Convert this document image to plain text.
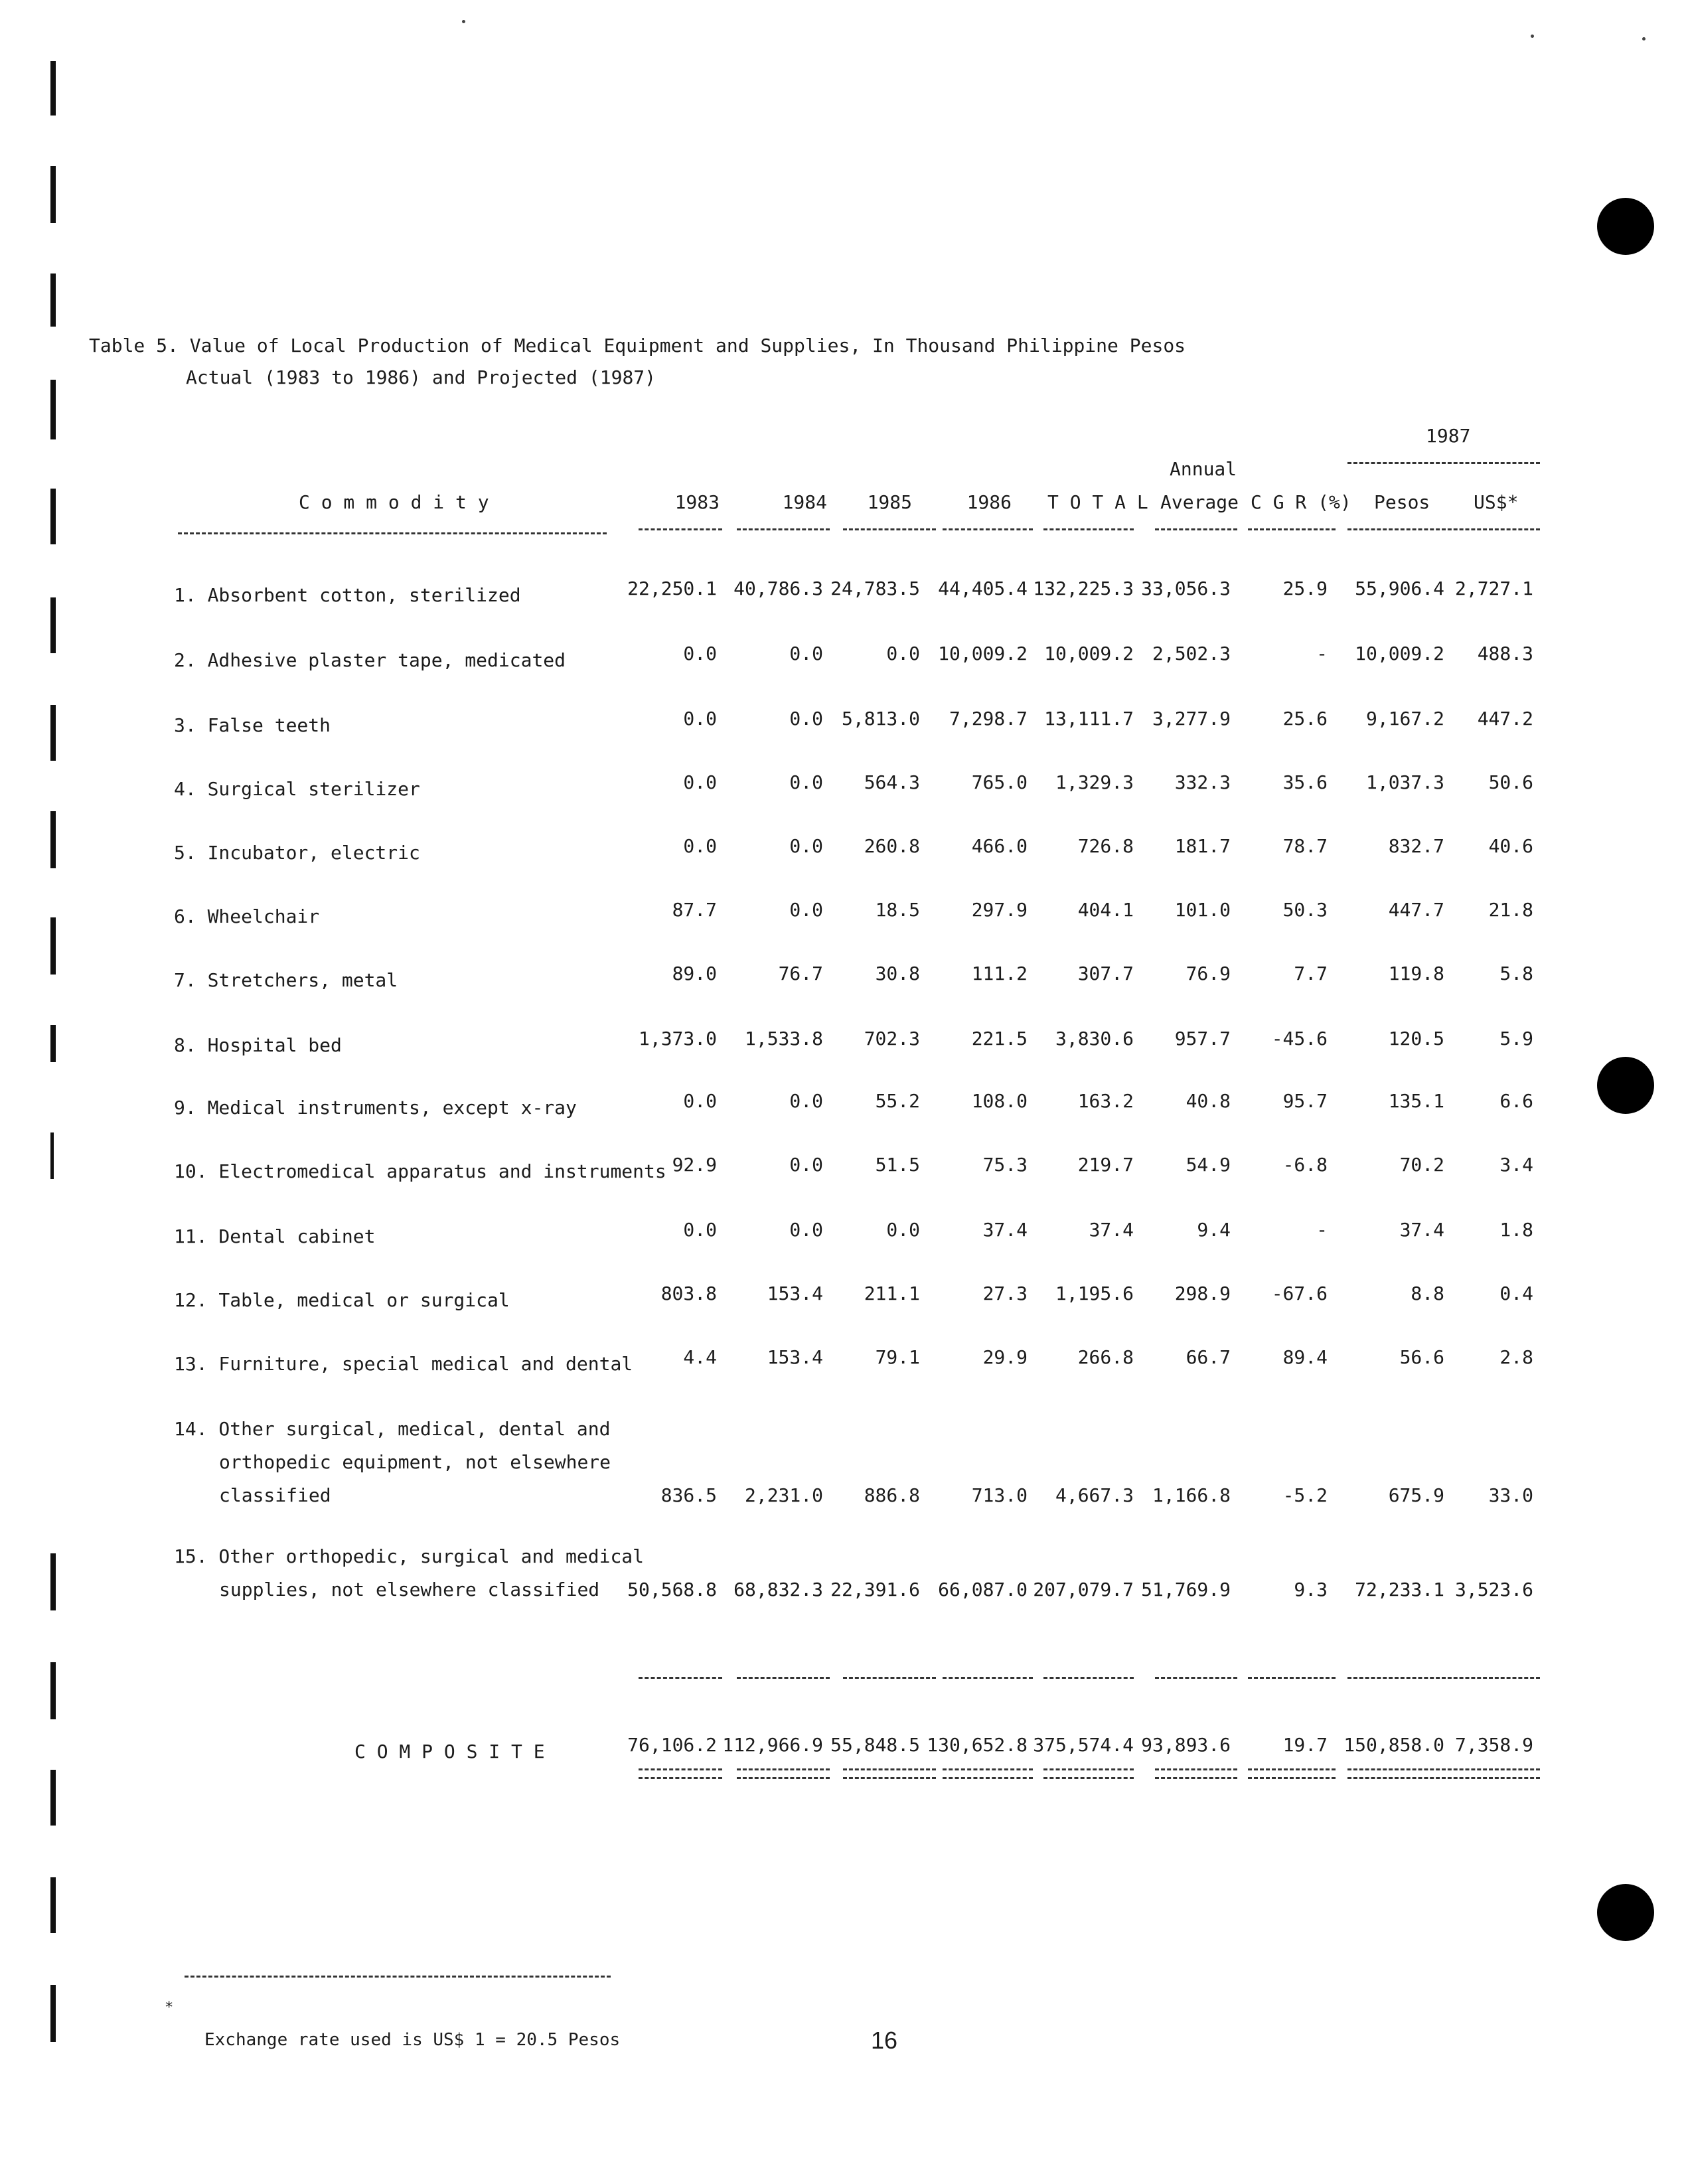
Table 5. Value of Local Production of Medical Equipment and Supplies, In Thousand Philippine Pesos
Actual (1983 to 1986) and Projected (1987)
1987
Annual
C o m m o d i t y	1983	1984	1985	1986 T O T A L Average C G R (%) Pesos US$*
1. Absorbent cotton, sterilized	22,250.1 40,786.3 24,783.5 44,405.4 132,225.3 33,056.3	25.9	55,906.4 2,727.1
2. Adhesive plaster tape, medicated	0.0	0.0	0.0 10,009.2 10,009.2 2,502.3	-	10,009.2	488.3
3. False teeth	0.0	0.0 5,813.0	7,298.7 13,111.7 3,277.9	25.6	9,167.2	447.2
4. Surgical sterilizer	0.0	0.0	564.3	765.0	1,329.3	332.3	35.6	1,037.3	50.6
5. Incubator, electric	0.0	0.0	260.8	466.0	726.8	181.7	78.7	832.7	40.6
6. Wheelchair	87.7	0.0	18.5	297.9	404.1	101.0	50.3	447.7	21.8
7. Stretchers, metal	89.0	76.7	30.8	111.2	307.7	76.9	7.7	119.8	5.8
8. Hospital bed	1,373.0	1,533.8	702.3	221.5	3,830.6	957.7	-45.6	120.5	5.9
9. Medical instruments, except x-ray	0.0	0.0	55.2	108.0	163.2	40.8	95.7	135.1	6.6
10. Electromedical apparatus and instruments 92.9	0.0	51.5	75.3	219.7	54.9	-6.8	70.2	3.4
11. Dental cabinet	0.0	0.0	0.0	37.4	37.4	9.4	-	37.4	1.8
12. Table, medical or surgical	803.8	153.4	211.1	27.3	1,195.6	298.9	-67.6	8.8	0.4
13. Furniture, special medical and dental	4.4	153.4	79.1	29.9	266.8	66.7	89.4	56.6	2.8
14. Other surgical, medical, dental and
orthopedic equipment, not elsewhere
classified	836.5	2,231.0	886.8	713.0	4,667.3 1,166.8	-5.2	675.9	33.0
15. Other orthopedic, surgical and medical
supplies, not elsewhere classified	50,568.8 68,832.3 22,391.6 66,087.0 207,079.7 51,769.9	9.3	72,233.1 3,523.6
C O M P O S I T E	76,106.2 112,966.9 55,848.5 130,652.8 375,574.4 93,893.6	19.7 150,858.0 7,358.9
*
Exchange rate used is US$ 1 = 20.5 Pesos	16
